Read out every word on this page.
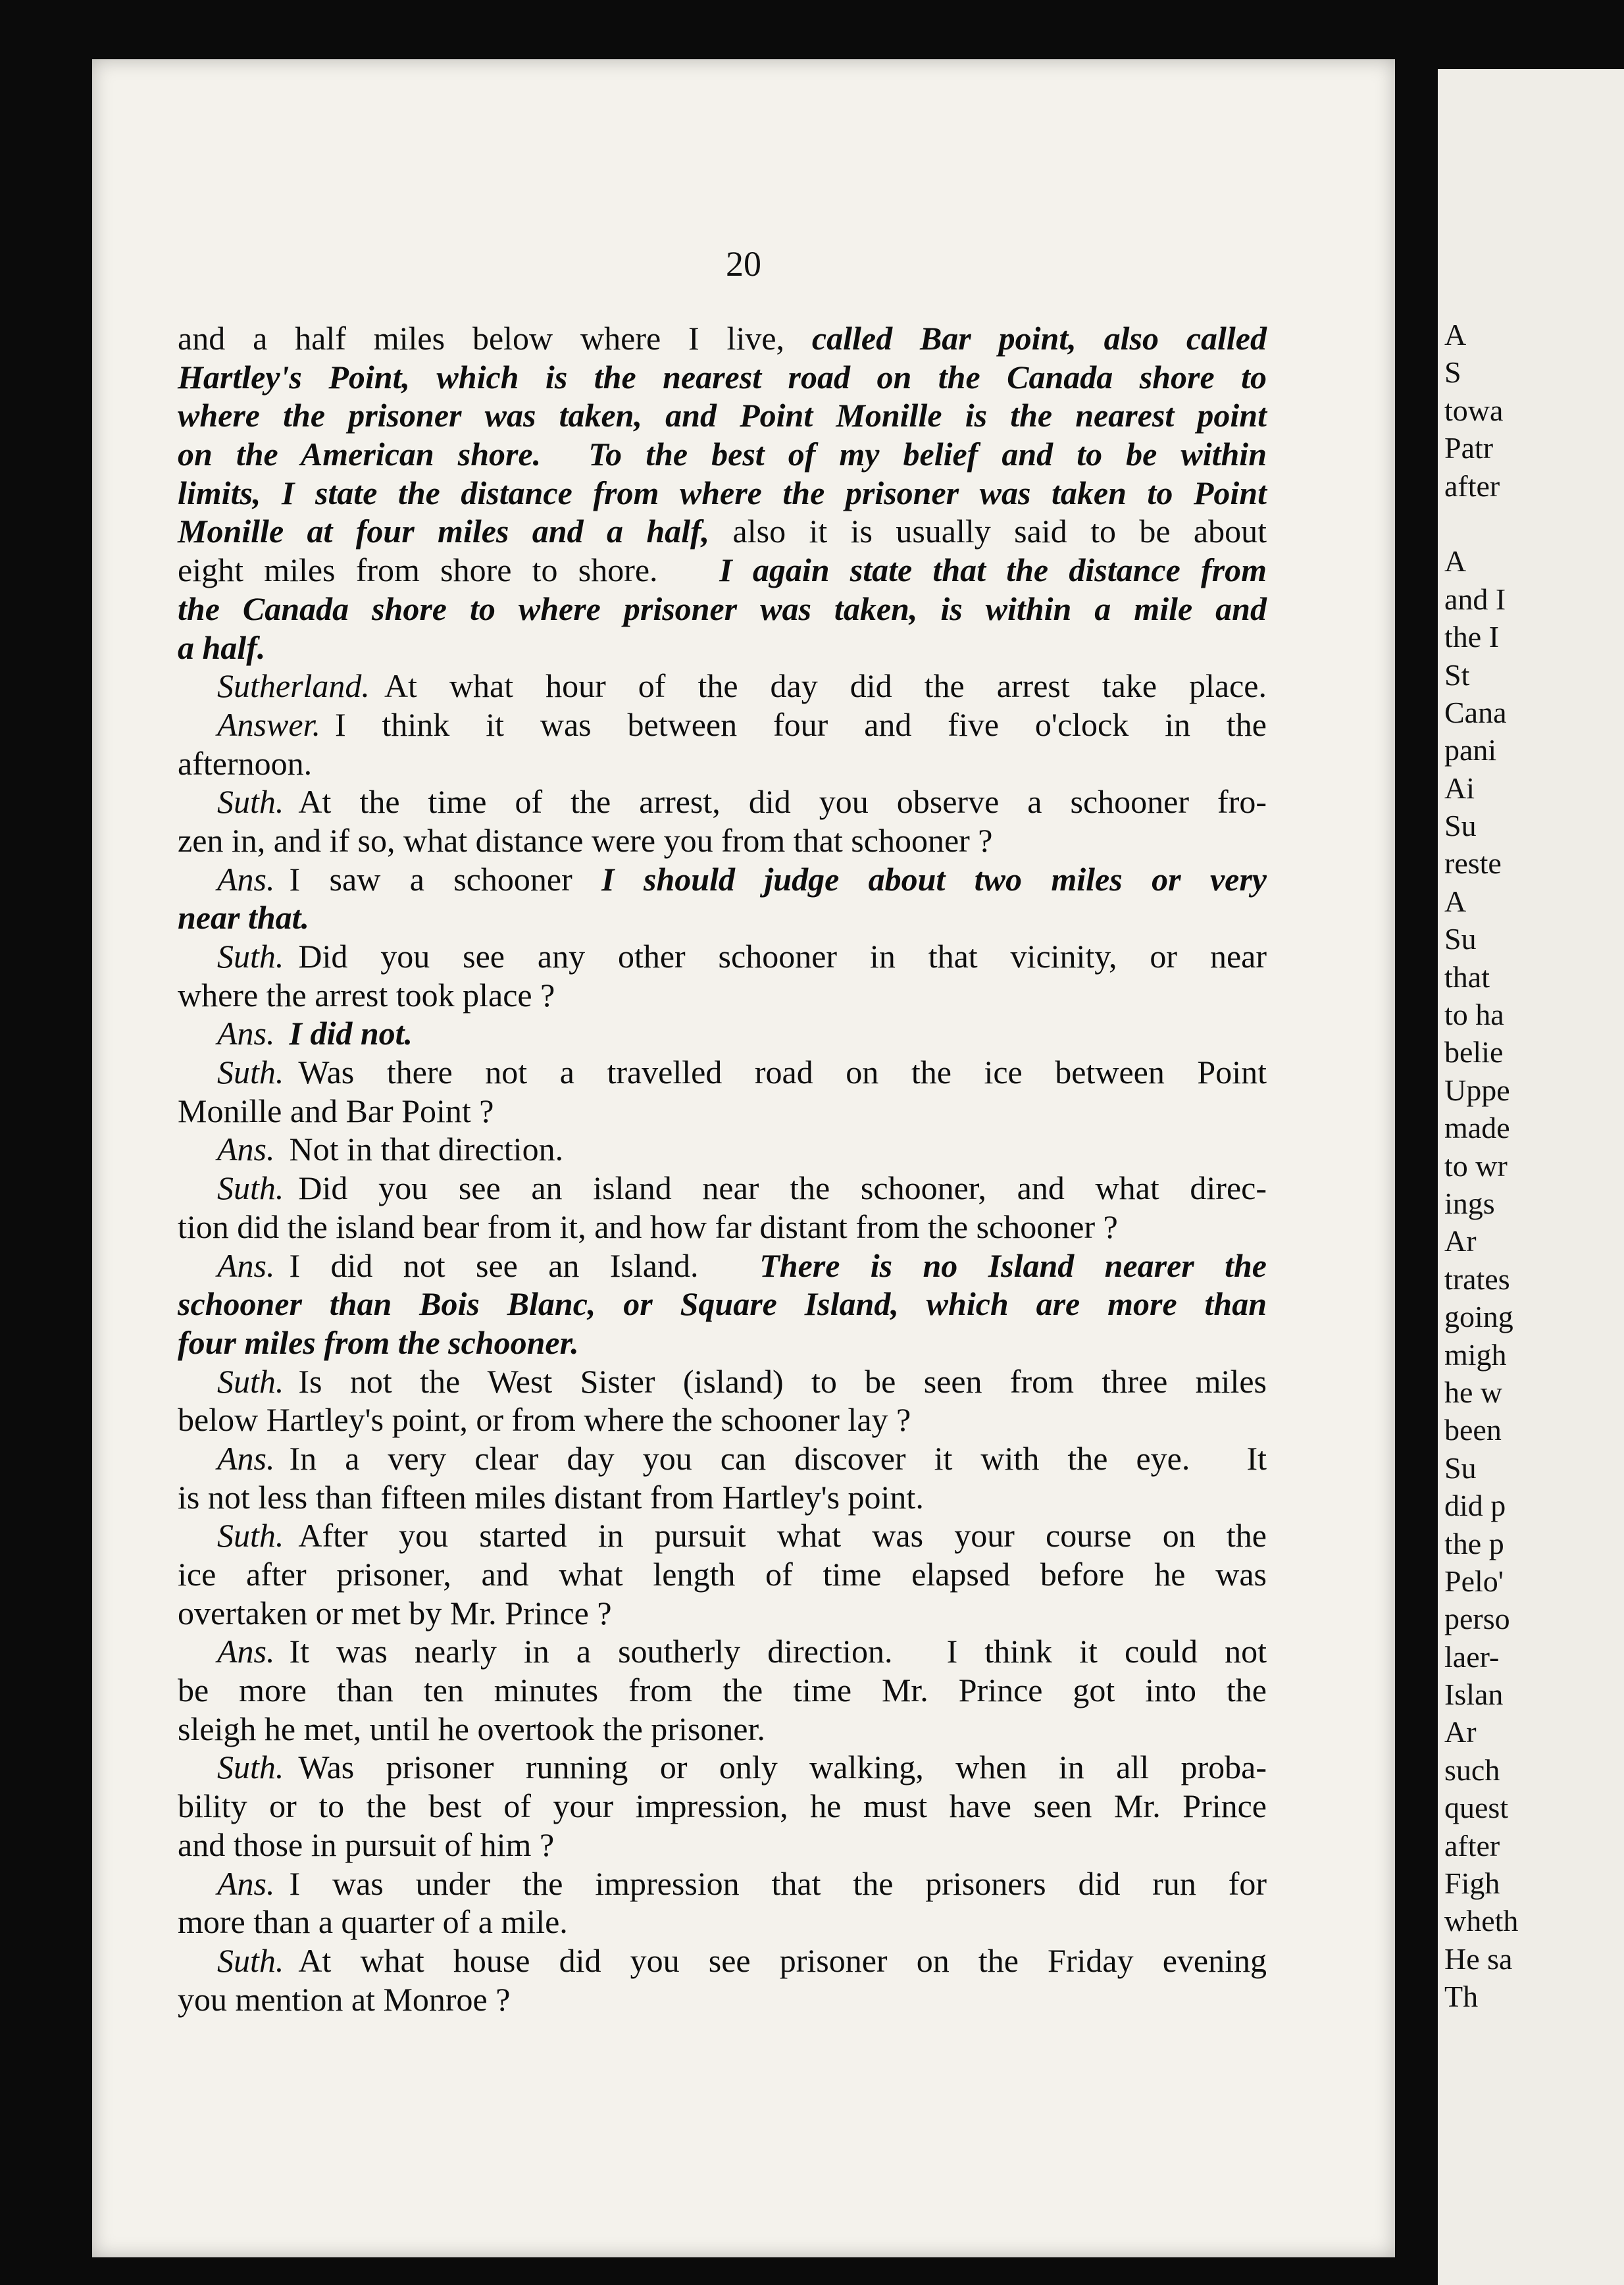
20
and a half miles below where I live, called Bar point, also called
Hartley's Point, which is the nearest road on the Canada shore to
where the prisoner was taken, and Point Monille is the nearest point
on the American shore.  To the best of my belief and to be within
limits, I state the distance from where the prisoner was taken to Point
Monille at four miles and a half, also it is usually said to be about
eight miles from shore to shore.   I again state that the distance from
the Canada shore to where prisoner was taken, is within a mile and
a half.
Sutherland. At what hour of the day did the arrest take place.
Answer. I think it was between four and five o'clock in the
afternoon.
Suth. At the time of the arrest, did you observe a schooner fro-
zen in, and if so, what distance were you from that schooner ?
Ans. I saw a schooner I should judge about two miles or very
near that.
Suth. Did you see any other schooner in that vicinity, or near
where the arrest took place ?
Ans. I did not.
Suth. Was there not a travelled road on the ice between Point
Monille and Bar Point ?
Ans. Not in that direction.
Suth. Did you see an island near the schooner, and what direc-
tion did the island bear from it, and how far distant from the schooner ?
Ans. I did not see an Island.  There is no Island nearer the
schooner than Bois Blanc, or Square Island, which are more than
four miles from the schooner.
Suth. Is not the West Sister (island) to be seen from three miles
below Hartley's point, or from where the schooner lay ?
Ans. In a very clear day you can discover it with the eye.  It
is not less than fifteen miles distant from Hartley's point.
Suth. After you started in pursuit what was your course on the
ice after prisoner, and what length of time elapsed before he was
overtaken or met by Mr. Prince ?
Ans. It was nearly in a southerly direction.  I think it could not
be more than ten minutes from the time Mr. Prince got into the
sleigh he met, until he overtook the prisoner.
Suth. Was prisoner running or only walking, when in all proba-
bility or to the best of your impression, he must have seen Mr. Prince
and those in pursuit of him ?
Ans. I was under the impression that the prisoners did run for
more than a quarter of a mile.
Suth. At what house did you see prisoner on the Friday evening
you mention at Monroe ?
A
S
towa
Patr
after
A
and I
the I
St
Cana
pani
Ai
Su
reste
A
Su
that
to ha
belie
Uppe
made
to wr
ings
Ar
trates
going
migh
he w
been
Su
did p
the p
Pelo'
perso
laer-
Islan
Ar
such
quest
after
Figh
wheth
He sa
Th
